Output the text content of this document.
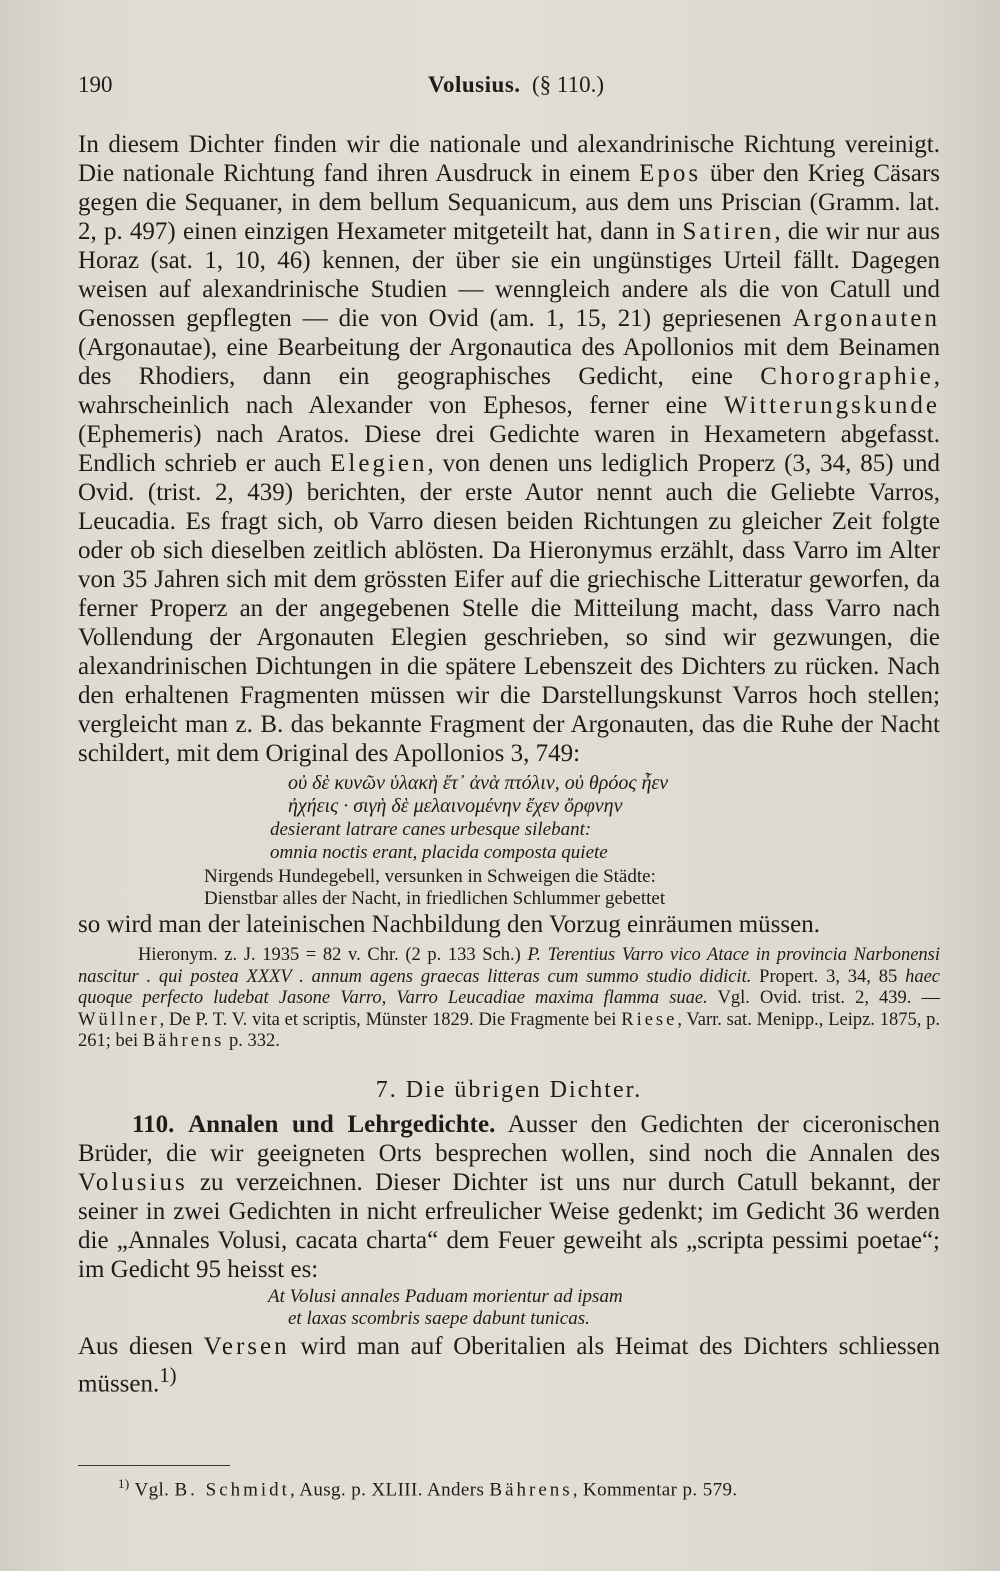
190	Volusius. (§ 110.)

In diesem Dichter finden wir die nationale und alexandrinische Richtung vereinigt. Die nationale Richtung fand ihren Ausdruck in einem Epos über den Krieg Cäsars gegen die Sequaner, in dem bellum Sequanicum, aus dem uns Priscian (Gramm. lat. 2, p. 497) einen einzigen Hexameter mitgeteilt hat, dann in Satiren, die wir nur aus Horaz (sat. 1, 10, 46) kennen, der über sie ein ungünstiges Urteil fällt. Dagegen weisen auf alexandrinische Studien — wenngleich andere als die von Catull und Genossen gepflegten — die von Ovid (am. 1, 15, 21) gepriesenen Argonauten (Argonautae), eine Bearbeitung der Argonautica des Apollonios mit dem Beinamen des Rhodiers, dann ein geographisches Gedicht, eine Chorographie, wahrscheinlich nach Alexander von Ephesos, ferner eine Witterungskunde (Ephemeris) nach Aratos. Diese drei Gedichte waren in Hexametern abgefasst. Endlich schrieb er auch Elegien, von denen uns lediglich Properz (3, 34, 85) und Ovid. (trist. 2, 439) berichten, der erste Autor nennt auch die Geliebte Varros, Leucadia. Es fragt sich, ob Varro diesen beiden Richtungen zu gleicher Zeit folgte oder ob sich dieselben zeitlich ablösten. Da Hieronymus erzählt, dass Varro im Alter von 35 Jahren sich mit dem grössten Eifer auf die griechische Litteratur geworfen, da ferner Properz an der angegebenen Stelle die Mitteilung macht, dass Varro nach Vollendung der Argonauten Elegien geschrieben, so sind wir gezwungen, die alexandrinischen Dichtungen in die spätere Lebenszeit des Dichters zu rücken. Nach den erhaltenen Fragmenten müssen wir die Darstellungskunst Varros hoch stellen; vergleicht man z. B. das bekannte Fragment der Argonauten, das die Ruhe der Nacht schildert, mit dem Original des Apollonios 3, 749:

οὐ δὲ κυνῶν ὑλακὴ ἔτ᾽ ἀνὰ πτόλιν, οὐ θρόος ἦεν
ἠχήεις · σιγὴ δὲ μελαινομένην ἔχεν ὄρφνην
desierant latrare canes urbesque silebant:
omnia noctis erant, placida composta quiete
Nirgends Hundegebell, versunken in Schweigen die Städte:
Dienstbar alles der Nacht, in friedlichen Schlummer gebettet

so wird man der lateinischen Nachbildung den Vorzug einräumen müssen.

Hieronym. z. J. 1935 = 82 v. Chr. (2 p. 133 Sch.) P. Terentius Varro vico Atace in provincia Narbonensi nascitur . qui postea XXXV . annum agens graecas litteras cum summo studio didicit. Propert. 3, 34, 85 haec quoque perfecto ludebat Jasone Varro, Varro Leucadiae maxima flamma suae. Vgl. Ovid. trist. 2, 439. — Wüllner, De P. T. V. vita et scriptis, Münster 1829. Die Fragmente bei Riese, Varr. sat. Menipp., Leipz. 1875, p. 261; bei Bährens p. 332.

7. Die übrigen Dichter.

110. Annalen und Lehrgedichte. Ausser den Gedichten der ciceronischen Brüder, die wir geeigneten Orts besprechen wollen, sind noch die Annalen des Volusius zu verzeichnen. Dieser Dichter ist uns nur durch Catull bekannt, der seiner in zwei Gedichten in nicht erfreulicher Weise gedenkt; im Gedicht 36 werden die „Annales Volusi, cacata charta“ dem Feuer geweiht als „scripta pessimi poetae“; im Gedicht 95 heisst es:

At Volusi annales Paduam morientur ad ipsam
et laxas scombris saepe dabunt tunicas.

Aus diesen Versen wird man auf Oberitalien als Heimat des Dichters schliessen müssen.$^{1)}$

$^{1)}$ Vgl. B. Schmidt, Ausg. p. XLIII. Anders Bährens, Kommentar p. 579.
